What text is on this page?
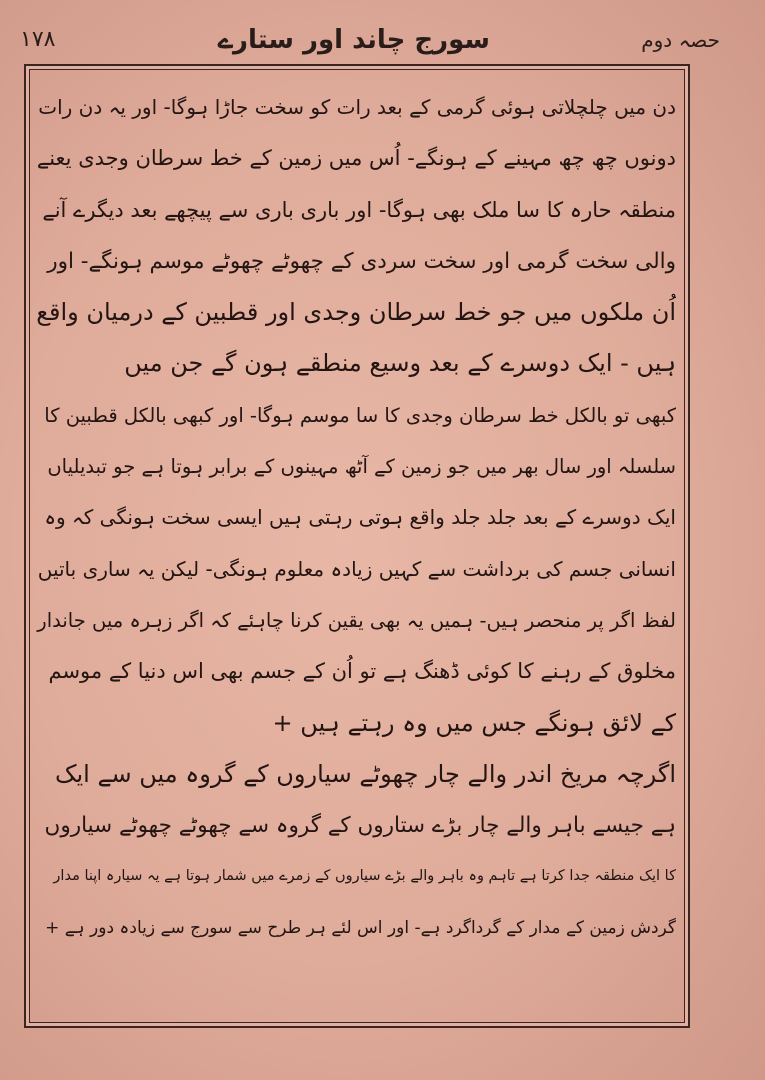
حصہ دوم
سورج چاند اور ستارے
۱۷۸
دن میں چلچلاتی ہوئی گرمی کے بعد رات کو سخت جاڑا ہوگا- اور یہ دن رات
دونوں چھ چھ مہینے کے ہونگے- اُس میں زمین کے خط سرطان وجدی یعنے
منطقہ حارہ کا سا ملک بھی ہوگا- اور باری باری سے پیچھے بعد دیگرے آنے
والی سخت گرمی اور سخت سردی کے چھوٹے چھوٹے موسم ہونگے- اور
اُن ملکوں میں جو خط سرطان وجدی اور قطبین کے درمیان واقع
ہیں - ایک دوسرے کے بعد وسیع منطقے ہون گے جن میں
کبھی تو بالکل خط سرطان وجدی کا سا موسم ہوگا- اور کبھی بالکل قطبین کا
سلسلہ اور سال بھر میں جو زمین کے آٹھ مہینوں کے برابر ہوتا ہے جو تبدیلیاں
ایک دوسرے کے بعد جلد جلد واقع ہوتی رہتی ہیں ایسی سخت ہونگی کہ وہ
انسانی جسم کی برداشت سے کہیں زیادہ معلوم ہونگی- لیکن یہ ساری باتیں
لفظ اگر پر منحصر ہیں- ہمیں یہ بھی یقین کرنا چاہئے کہ اگر زہرہ میں جاندار
مخلوق کے رہنے کا کوئی ڈھنگ ہے تو اُن کے جسم بھی اس دنیا کے موسم
کے لائق ہونگے جس میں وہ رہتے ہیں +
اگرچہ مریخ اندر والے چار چھوٹے سیاروں کے گروہ میں سے ایک
ہے جیسے باہر والے چار بڑے ستاروں کے گروہ سے چھوٹے چھوٹے سیاروں
کا ایک منطقہ جدا کرتا ہے تاہم وہ باہر والے بڑے سیاروں کے زمرے میں شمار ہوتا ہے یہ سیارہ اپنا مدار
گردش زمین کے مدار کے گرداگرد ہے- اور اس لئے ہر طرح سے سورج سے زیادہ دور ہے +
